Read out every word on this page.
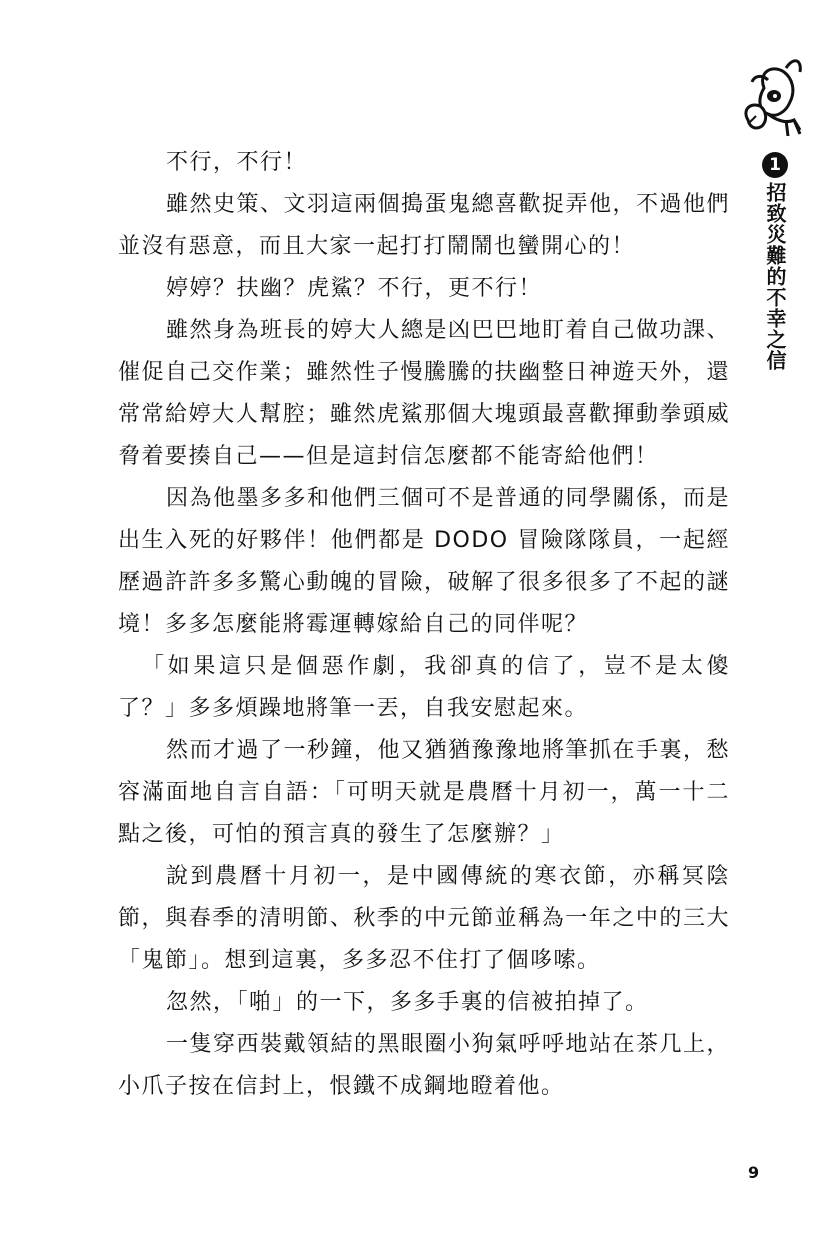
1
招致災難的不幸之信

不行，不行！

雖然史策、文羽這兩個搗蛋鬼總喜歡捉弄他，不過他們並沒有惡意，而且大家一起打打鬧鬧也蠻開心的！

婷婷？扶幽？虎鯊？不行，更不行！

雖然身為班長的婷大人總是凶巴巴地盯着自己做功課、催促自己交作業；雖然性子慢騰騰的扶幽整日神遊天外，還常常給婷大人幫腔；雖然虎鯊那個大塊頭最喜歡揮動拳頭威脅着要揍自己——但是這封信怎麼都不能寄給他們！

因為他墨多多和他們三個可不是普通的同學關係，而是出生入死的好夥伴！他們都是 DODO 冒險隊隊員，一起經歷過許許多多驚心動魄的冒險，破解了很多很多了不起的謎境！多多怎麼能將霉運轉嫁給自己的同伴呢？

「如果這只是個惡作劇，我卻真的信了，豈不是太傻了？」多多煩躁地將筆一丟，自我安慰起來。

然而才過了一秒鐘，他又猶猶豫豫地將筆抓在手裏，愁容滿面地自言自語：「可明天就是農曆十月初一，萬一十二點之後，可怕的預言真的發生了怎麼辦？」

說到農曆十月初一，是中國傳統的寒衣節，亦稱冥陰節，與春季的清明節、秋季的中元節並稱為一年之中的三大「鬼節」。想到這裏，多多忍不住打了個哆嗦。

忽然，「啪」的一下，多多手裏的信被拍掉了。

一隻穿西裝戴領結的黑眼圈小狗氣呼呼地站在茶几上，小爪子按在信封上，恨鐵不成鋼地瞪着他。

9
